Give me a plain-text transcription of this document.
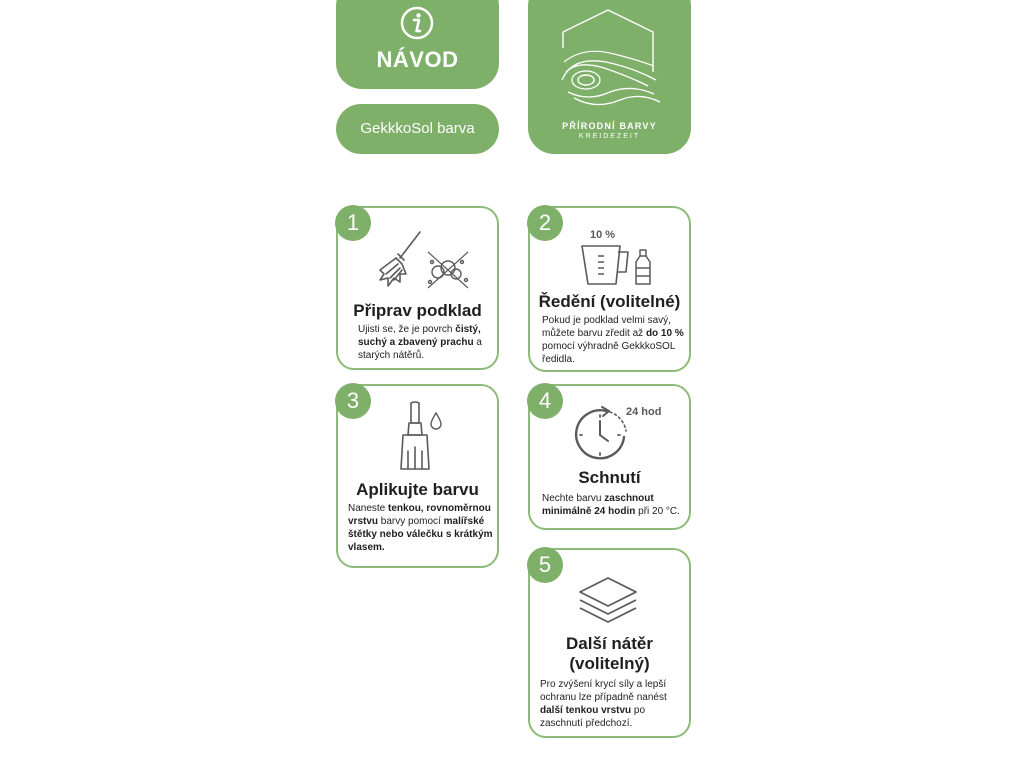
NÁVOD
GekkkoSol barva	PŘÍRODNÍ BARVY
KREIDEZEIT
1
Připrav podklad
Ujisti se, že je povrch čistý, suchý a zbavený prachu a starých nátěrů.
2	10 %
Ředění (volitelné)
Pokud je podklad velmi savý, můžete barvu zředit až do 10 % pomocí výhradně GekkkoSOL ředidla.
3
Aplikujte barvu
Naneste tenkou, rovnoměrnou vrstvu barvy pomocí malířské štětky nebo válečku s krátkým vlasem.
4	24 hod
Schnutí
Nechte barvu zaschnout minimálně 24 hodin při 20 °C.
5
Další nátěr (volitelný)
Pro zvýšení krycí síly a lepší ochranu lze případně nanést další tenkou vrstvu po zaschnutí předchozí.
